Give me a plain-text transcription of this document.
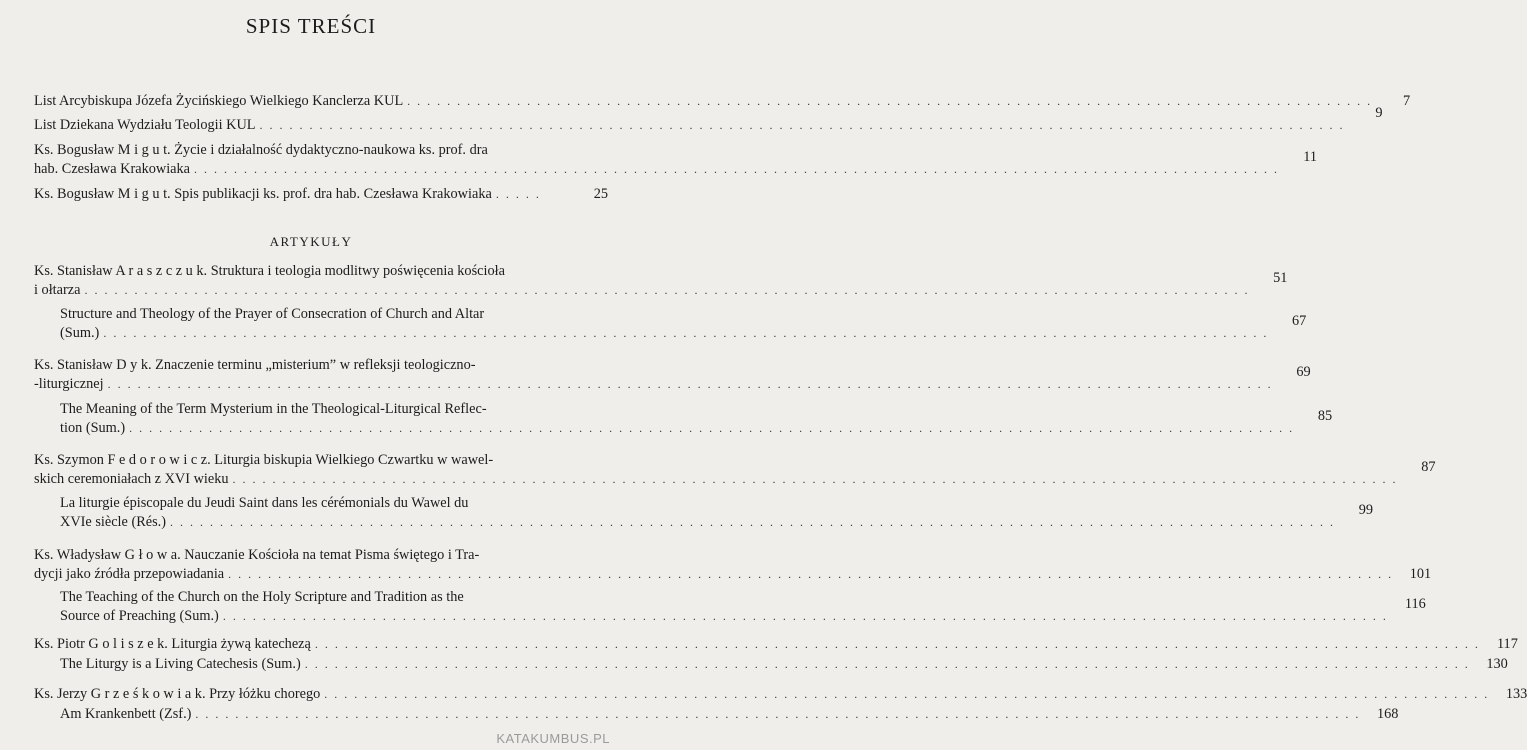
SPIS TREŚCI
List Arcybiskupa Józefa Życińskiego Wielkiego Kanclerza KUL . . . . . . . . . . . . . . . . . . . . . . . . . . . . . . . . . . . . . . . . . . . . . . . . . . . . . . . . . . . . . . . . . . . . . . . . . . . . . . . . . . . . . . . . . . . . . . . . .	7
List Dziekana Wydziału Teologii KUL . . . . . . . . . . . . . . . . . . . . . . . . . . . . . . . . . . . . . . . . . . . . . . . . . . . . . . . . . . . . . . . . . . . . . . . . . . . . . . . . . . . . . . . . . . . . . . . . . . . . . . . . . . . . .
9
Ks. Bogusław M i g u t. Życie i działalność dydaktyczno-naukowa ks. prof. dra
hab. Czesława Krakowiaka . . . . . . . . . . . . . . . . . . . . . . . . . . . . . . . . . . . . . . . . . . . . . . . . . . . . . . . . . . . . . . . . . . . . . . . . . . . . . . . . . . . . . . . . . . . . . . . . . . . . . . . . . . . . .
11
Ks. Bogusław M i g u t. Spis publikacji ks. prof. dra hab. Czesława Krakowiaka . . . . .	25
ARTYKUŁY
Ks. Stanisław A r a s z c z u k. Struktura i teologia modlitwy poświęcenia kościoła
i ołtarza . . . . . . . . . . . . . . . . . . . . . . . . . . . . . . . . . . . . . . . . . . . . . . . . . . . . . . . . . . . . . . . . . . . . . . . . . . . . . . . . . . . . . . . . . . . . . . . . . . . . . . . . . . . . . . . . . . . . .
51
Structure and Theology of the Prayer of Consecration of Church and Altar
(Sum.) . . . . . . . . . . . . . . . . . . . . . . . . . . . . . . . . . . . . . . . . . . . . . . . . . . . . . . . . . . . . . . . . . . . . . . . . . . . . . . . . . . . . . . . . . . . . . . . . . . . . . . . . . . . . . . . . . . . . .
67
Ks. Stanisław D y k. Znaczenie terminu „misterium” w refleksji teologiczno-
-liturgicznej . . . . . . . . . . . . . . . . . . . . . . . . . . . . . . . . . . . . . . . . . . . . . . . . . . . . . . . . . . . . . . . . . . . . . . . . . . . . . . . . . . . . . . . . . . . . . . . . . . . . . . . . . . . . . . . . . . . . .
69
The Meaning of the Term Mysterium in the Theological-Liturgical Reflec-
tion (Sum.) . . . . . . . . . . . . . . . . . . . . . . . . . . . . . . . . . . . . . . . . . . . . . . . . . . . . . . . . . . . . . . . . . . . . . . . . . . . . . . . . . . . . . . . . . . . . . . . . . . . . . . . . . . . . . . . . . . . . .
85
Ks. Szymon F e d o r o w i c z. Liturgia biskupia Wielkiego Czwartku w wawel-
skich ceremoniałach z XVI wieku . . . . . . . . . . . . . . . . . . . . . . . . . . . . . . . . . . . . . . . . . . . . . . . . . . . . . . . . . . . . . . . . . . . . . . . . . . . . . . . . . . . . . . . . . . . . . . . . . . . . . . . . . . . . . . . . . . . . .
87
La liturgie épiscopale du Jeudi Saint dans les cérémonials du Wawel du
XVIe siècle (Rés.) . . . . . . . . . . . . . . . . . . . . . . . . . . . . . . . . . . . . . . . . . . . . . . . . . . . . . . . . . . . . . . . . . . . . . . . . . . . . . . . . . . . . . . . . . . . . . . . . . . . . . . . . . . . . . . . . . . . . .
99
Ks. Władysław G ł o w a. Nauczanie Kościoła na temat Pisma świętego i Tra-
dycji jako źródła przepowiadania . . . . . . . . . . . . . . . . . . . . . . . . . . . . . . . . . . . . . . . . . . . . . . . . . . . . . . . . . . . . . . . . . . . . . . . . . . . . . . . . . . . . . . . . . . . . . . . . . . . . . . . . . . . . . . . . . . . . .	101
The Teaching of the Church on the Holy Scripture and Tradition as the
Source of Preaching (Sum.) . . . . . . . . . . . . . . . . . . . . . . . . . . . . . . . . . . . . . . . . . . . . . . . . . . . . . . . . . . . . . . . . . . . . . . . . . . . . . . . . . . . . . . . . . . . . . . . . . . . . . . . . . . . . . . . . . . . . .
116
Ks. Piotr G o l i s z e k. Liturgia żywą katechezą . . . . . . . . . . . . . . . . . . . . . . . . . . . . . . . . . . . . . . . . . . . . . . . . . . . . . . . . . . . . . . . . . . . . . . . . . . . . . . . . . . . . . . . . . . . . . . . . . . . . . . . . . . . . . . . . . . . . .	117
The Liturgy is a Living Catechesis (Sum.) . . . . . . . . . . . . . . . . . . . . . . . . . . . . . . . . . . . . . . . . . . . . . . . . . . . . . . . . . . . . . . . . . . . . . . . . . . . . . . . . . . . . . . . . . . . . . . . . . . . . . . . . . . . . . . . . . . . . .	130
Ks. Jerzy G r z e ś k o w i a k. Przy łóżku chorego . . . . . . . . . . . . . . . . . . . . . . . . . . . . . . . . . . . . . . . . . . . . . . . . . . . . . . . . . . . . . . . . . . . . . . . . . . . . . . . . . . . . . . . . . . . . . . . . . . . . . . . . . . . . . . . . . . . . .	133
Am Krankenbett (Zsf.) . . . . . . . . . . . . . . . . . . . . . . . . . . . . . . . . . . . . . . . . . . . . . . . . . . . . . . . . . . . . . . . . . . . . . . . . . . . . . . . . . . . . . . . . . . . . . . . . . . . . . . . . . . . . . . . . . . . . .	168
KATAKUMBUS.PL
